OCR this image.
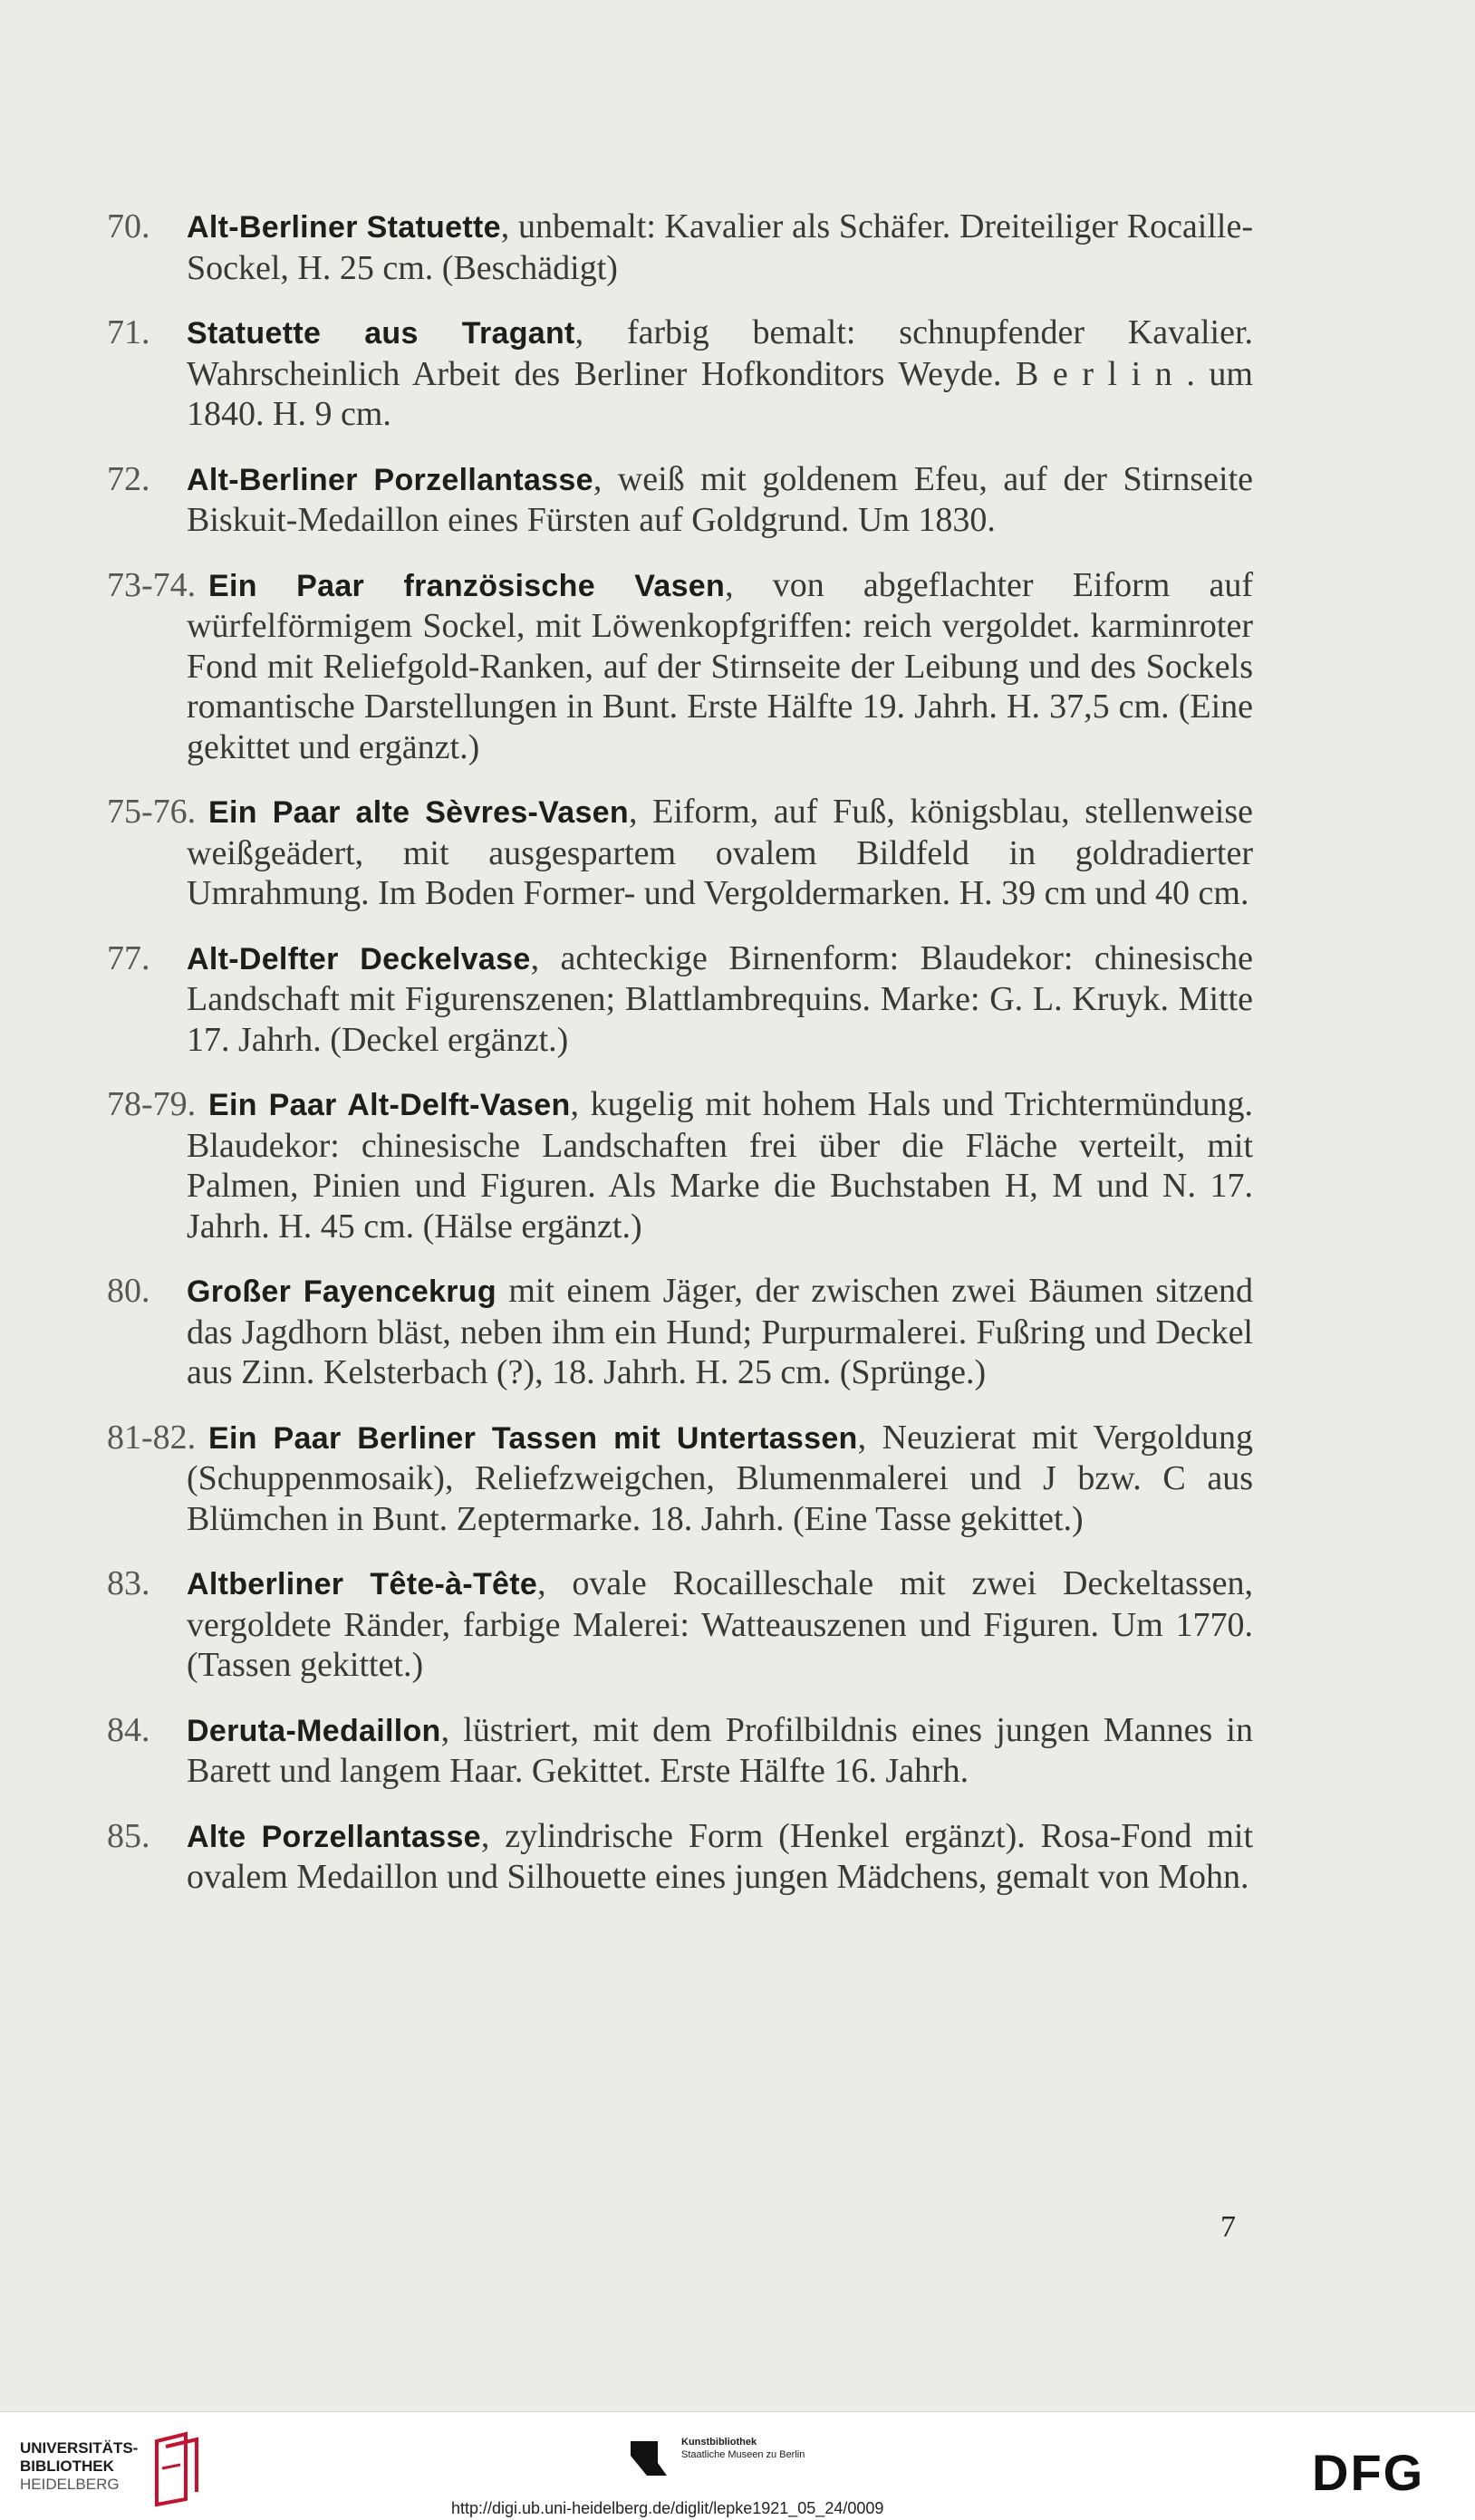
70. Alt-Berliner Statuette, unbemalt: Kavalier als Schäfer. Dreiteiliger Rocaille-Sockel, H. 25 cm. (Beschädigt)
71. Statuette aus Tragant, farbig bemalt: schnupfender Kavalier. Wahrscheinlich Arbeit des Berliner Hofkonditors Weyde. B e r l i n . um 1840. H. 9 cm.
72. Alt-Berliner Porzellantasse, weiß mit goldenem Efeu, auf der Stirnseite Biskuit-Medaillon eines Fürsten auf Goldgrund. Um 1830.
73-74. Ein Paar französische Vasen, von abgeflachter Eiform auf würfelförmigem Sockel, mit Löwenkopfgriffen: reich vergoldet. karminroter Fond mit Reliefgold-Ranken, auf der Stirnseite der Leibung und des Sockels romantische Darstellungen in Bunt. Erste Hälfte 19. Jahrh. H. 37,5 cm. (Eine gekittet und ergänzt.)
75-76. Ein Paar alte Sèvres-Vasen, Eiform, auf Fuß, königsblau, stellenweise weißgeädert, mit ausgespartem ovalem Bildfeld in goldradierter Umrahmung. Im Boden Former- und Vergoldermarken. H. 39 cm und 40 cm.
77. Alt-Delfter Deckelvase, achteckige Birnenform: Blaudekor: chinesische Landschaft mit Figurenszenen; Blattlambrequins. Marke: G. L. Kruyk. Mitte 17. Jahrh. (Deckel ergänzt.)
78-79. Ein Paar Alt-Delft-Vasen, kugelig mit hohem Hals und Trichtermündung. Blaudekor: chinesische Landschaften frei über die Fläche verteilt, mit Palmen, Pinien und Figuren. Als Marke die Buchstaben H, M und N. 17. Jahrh. H. 45 cm. (Hälse ergänzt.)
80. Großer Fayencekrug mit einem Jäger, der zwischen zwei Bäumen sitzend das Jagdhorn bläst, neben ihm ein Hund; Purpurmalerei. Fußring und Deckel aus Zinn. Kelsterbach (?), 18. Jahrh. H. 25 cm. (Sprünge.)
81-82. Ein Paar Berliner Tassen mit Untertassen, Neuzierat mit Vergoldung (Schuppenmosaik), Reliefzweigchen, Blumenmalerei und J bzw. C aus Blümchen in Bunt. Zeptermarke. 18. Jahrh. (Eine Tasse gekittet.)
83. Altberliner Tête-à-Tête, ovale Rocailleschale mit zwei Deckeltassen, vergoldete Ränder, farbige Malerei: Watteauszenen und Figuren. Um 1770. (Tassen gekittet.)
84. Deruta-Medaillon, lüstriert, mit dem Profilbildnis eines jungen Mannes in Barett und langem Haar. Gekittet. Erste Hälfte 16. Jahrh.
85. Alte Porzellantasse, zylindrische Form (Henkel ergänzt). Rosa-Fond mit ovalem Medaillon und Silhouette eines jungen Mädchens, gemalt von Mohn.
7
UNIVERSITÄTS-
BIBLIOTHEK
HEIDELBERG
Kunstbibliothek
Staatliche Museen zu Berlin	DFG
http://digi.ub.uni-heidelberg.de/diglit/lepke1921_05_24/0009
